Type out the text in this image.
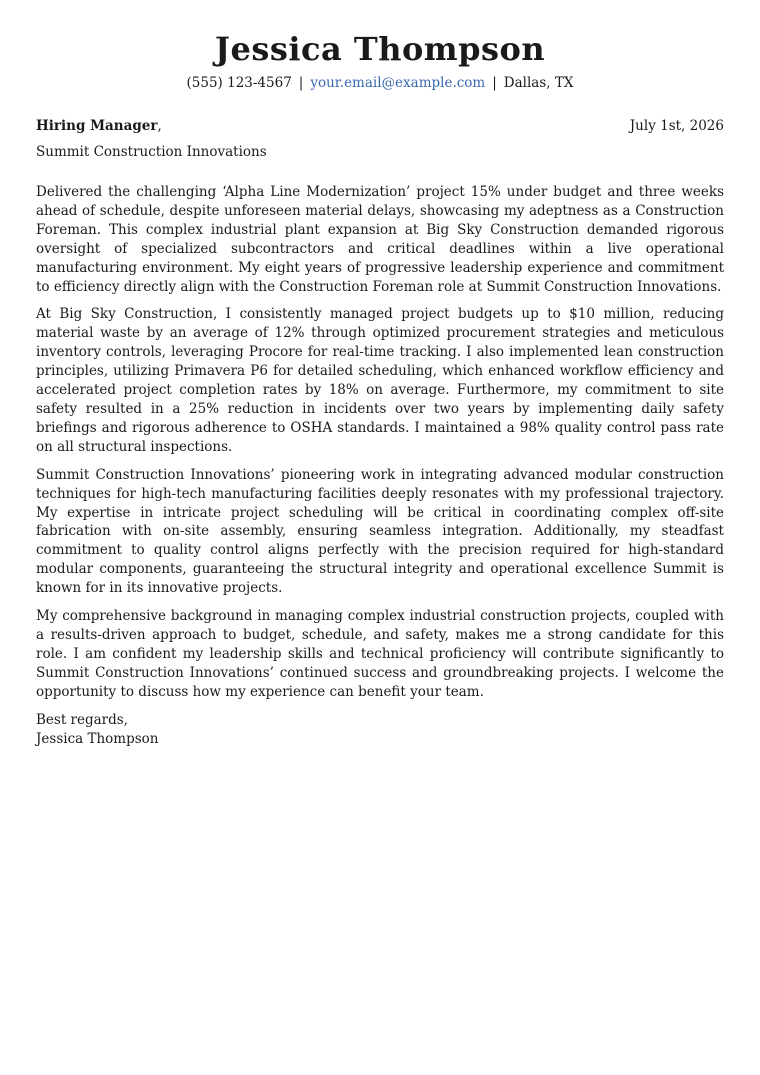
Jessica Thompson
(555) 123-4567 | your.email@example.com | Dallas, TX
Hiring Manager,	July 1st, 2026
Summit Construction Innovations

Delivered the challenging ‘Alpha Line Modernization’ project 15% under budget and three weeks ahead of schedule, despite unforeseen material delays, showcasing my adeptness as a Construction Foreman. This complex industrial plant expansion at Big Sky Construction demanded rigorous oversight of specialized subcontractors and critical deadlines within a live operational manufacturing environment. My eight years of progressive leadership experience and commitment to efficiency directly align with the Construction Foreman role at Summit Construction Innovations.

At Big Sky Construction, I consistently managed project budgets up to $10 million, reducing material waste by an average of 12% through optimized procurement strategies and meticulous inventory controls, leveraging Procore for real-time tracking. I also implemented lean construction principles, utilizing Primavera P6 for detailed scheduling, which enhanced workflow efficiency and accelerated project completion rates by 18% on average. Furthermore, my commitment to site safety resulted in a 25% reduction in incidents over two years by implementing daily safety briefings and rigorous adherence to OSHA standards. I maintained a 98% quality control pass rate on all structural inspections.

Summit Construction Innovations’ pioneering work in integrating advanced modular construction techniques for high-tech manufacturing facilities deeply resonates with my professional trajectory. My expertise in intricate project scheduling will be critical in coordinating complex off-site fabrication with on-site assembly, ensuring seamless integration. Additionally, my steadfast commitment to quality control aligns perfectly with the precision required for high-standard modular components, guaranteeing the structural integrity and operational excellence Summit is known for in its innovative projects.

My comprehensive background in managing complex industrial construction projects, coupled with a results-driven approach to budget, schedule, and safety, makes me a strong candidate for this role. I am confident my leadership skills and technical proficiency will contribute significantly to Summit Construction Innovations’ continued success and groundbreaking projects. I welcome the opportunity to discuss how my experience can benefit your team.

Best regards,
Jessica Thompson
